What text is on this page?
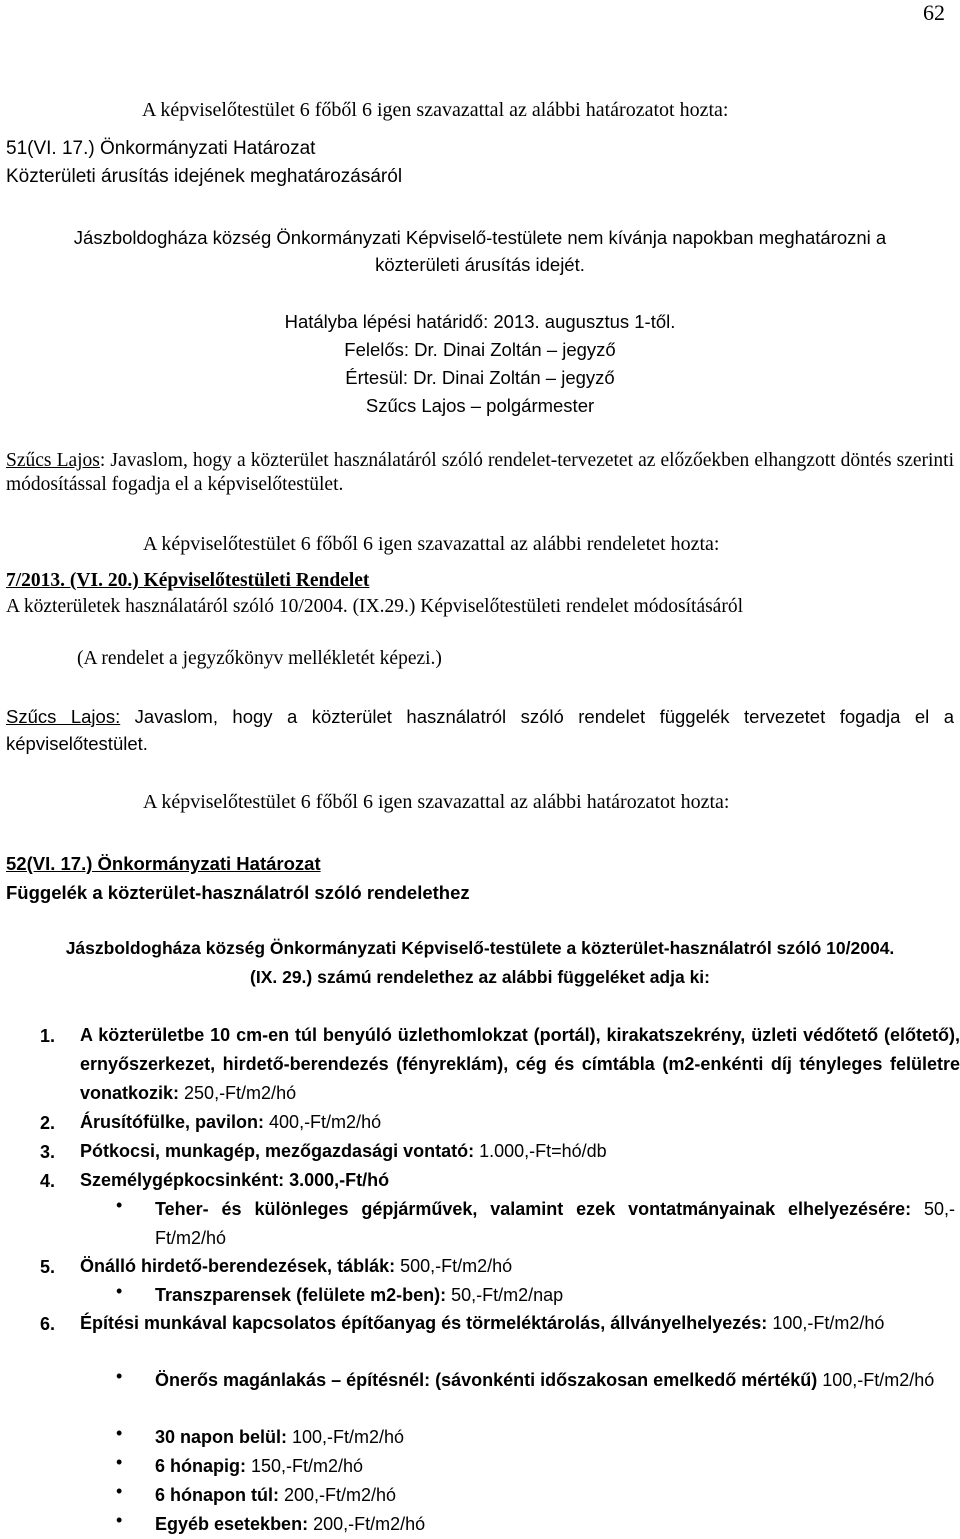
62
A képviselőtestület 6 főből 6 igen szavazattal az alábbi határozatot hozta:
51(VI. 17.) Önkormányzati Határozat
Közterületi árusítás idejének meghatározásáról
Jászboldogháza község Önkormányzati Képviselő-testülete nem kívánja napokban meghatározni a
közterületi árusítás idejét.
Hatályba lépési határidő: 2013. augusztus 1-től.
Felelős: Dr. Dinai Zoltán – jegyző
Értesül: Dr. Dinai Zoltán – jegyző
Szűcs Lajos – polgármester
Szűcs Lajos: Javaslom, hogy a közterület használatáról szóló rendelet-tervezetet az előzőekben elhangzott döntés szerinti módosítással fogadja el a képviselőtestület.
A képviselőtestület 6 főből 6 igen szavazattal az alábbi rendeletet hozta:
7/2013. (VI. 20.) Képviselőtestületi Rendelet
A közterületek használatáról szóló 10/2004. (IX.29.) Képviselőtestületi rendelet módosításáról
(A rendelet a jegyzőkönyv mellékletét képezi.)
Szűcs Lajos: Javaslom, hogy a közterület használatról szóló rendelet függelék tervezetet fogadja el a képviselőtestület.
A képviselőtestület 6 főből 6 igen szavazattal az alábbi határozatot hozta:
52(VI. 17.) Önkormányzati Határozat
Függelék a közterület-használatról szóló rendelethez
Jászboldogháza község Önkormányzati Képviselő-testülete a közterület-használatról szóló 10/2004.
(IX. 29.) számú rendelethez az alábbi függeléket adja ki:
1. A közterületbe 10 cm-en túl benyúló üzlethomlokzat (portál), kirakatszekrény, üzleti védőtető (előtető), ernyőszerkezet, hirdető-berendezés (fényreklám), cég és címtábla (m2-enkénti díj tényleges felületre vonatkozik: 250,-Ft/m2/hó
2. Árusítófülke, pavilon: 400,-Ft/m2/hó
3. Pótkocsi, munkagép, mezőgazdasági vontató: 1.000,-Ft=hó/db
4. Személygépkocsinként: 3.000,-Ft/hó
• Teher- és különleges gépjárművek, valamint ezek vontatmányainak elhelyezésére: 50,-Ft/m2/hó
5. Önálló hirdető-berendezések, táblák: 500,-Ft/m2/hó
• Transzparensek (felülete m2-ben): 50,-Ft/m2/nap
6. Építési munkával kapcsolatos építőanyag és törmeléktárolás, állványelhelyezés: 100,-Ft/m2/hó
• Önerős magánlakás – építésnél: (sávonkénti időszakosan emelkedő mértékű) 100,-Ft/m2/hó
• 30 napon belül: 100,-Ft/m2/hó
• 6 hónapig: 150,-Ft/m2/hó
• 6 hónapon túl: 200,-Ft/m2/hó
• Egyéb esetekben: 200,-Ft/m2/hó
